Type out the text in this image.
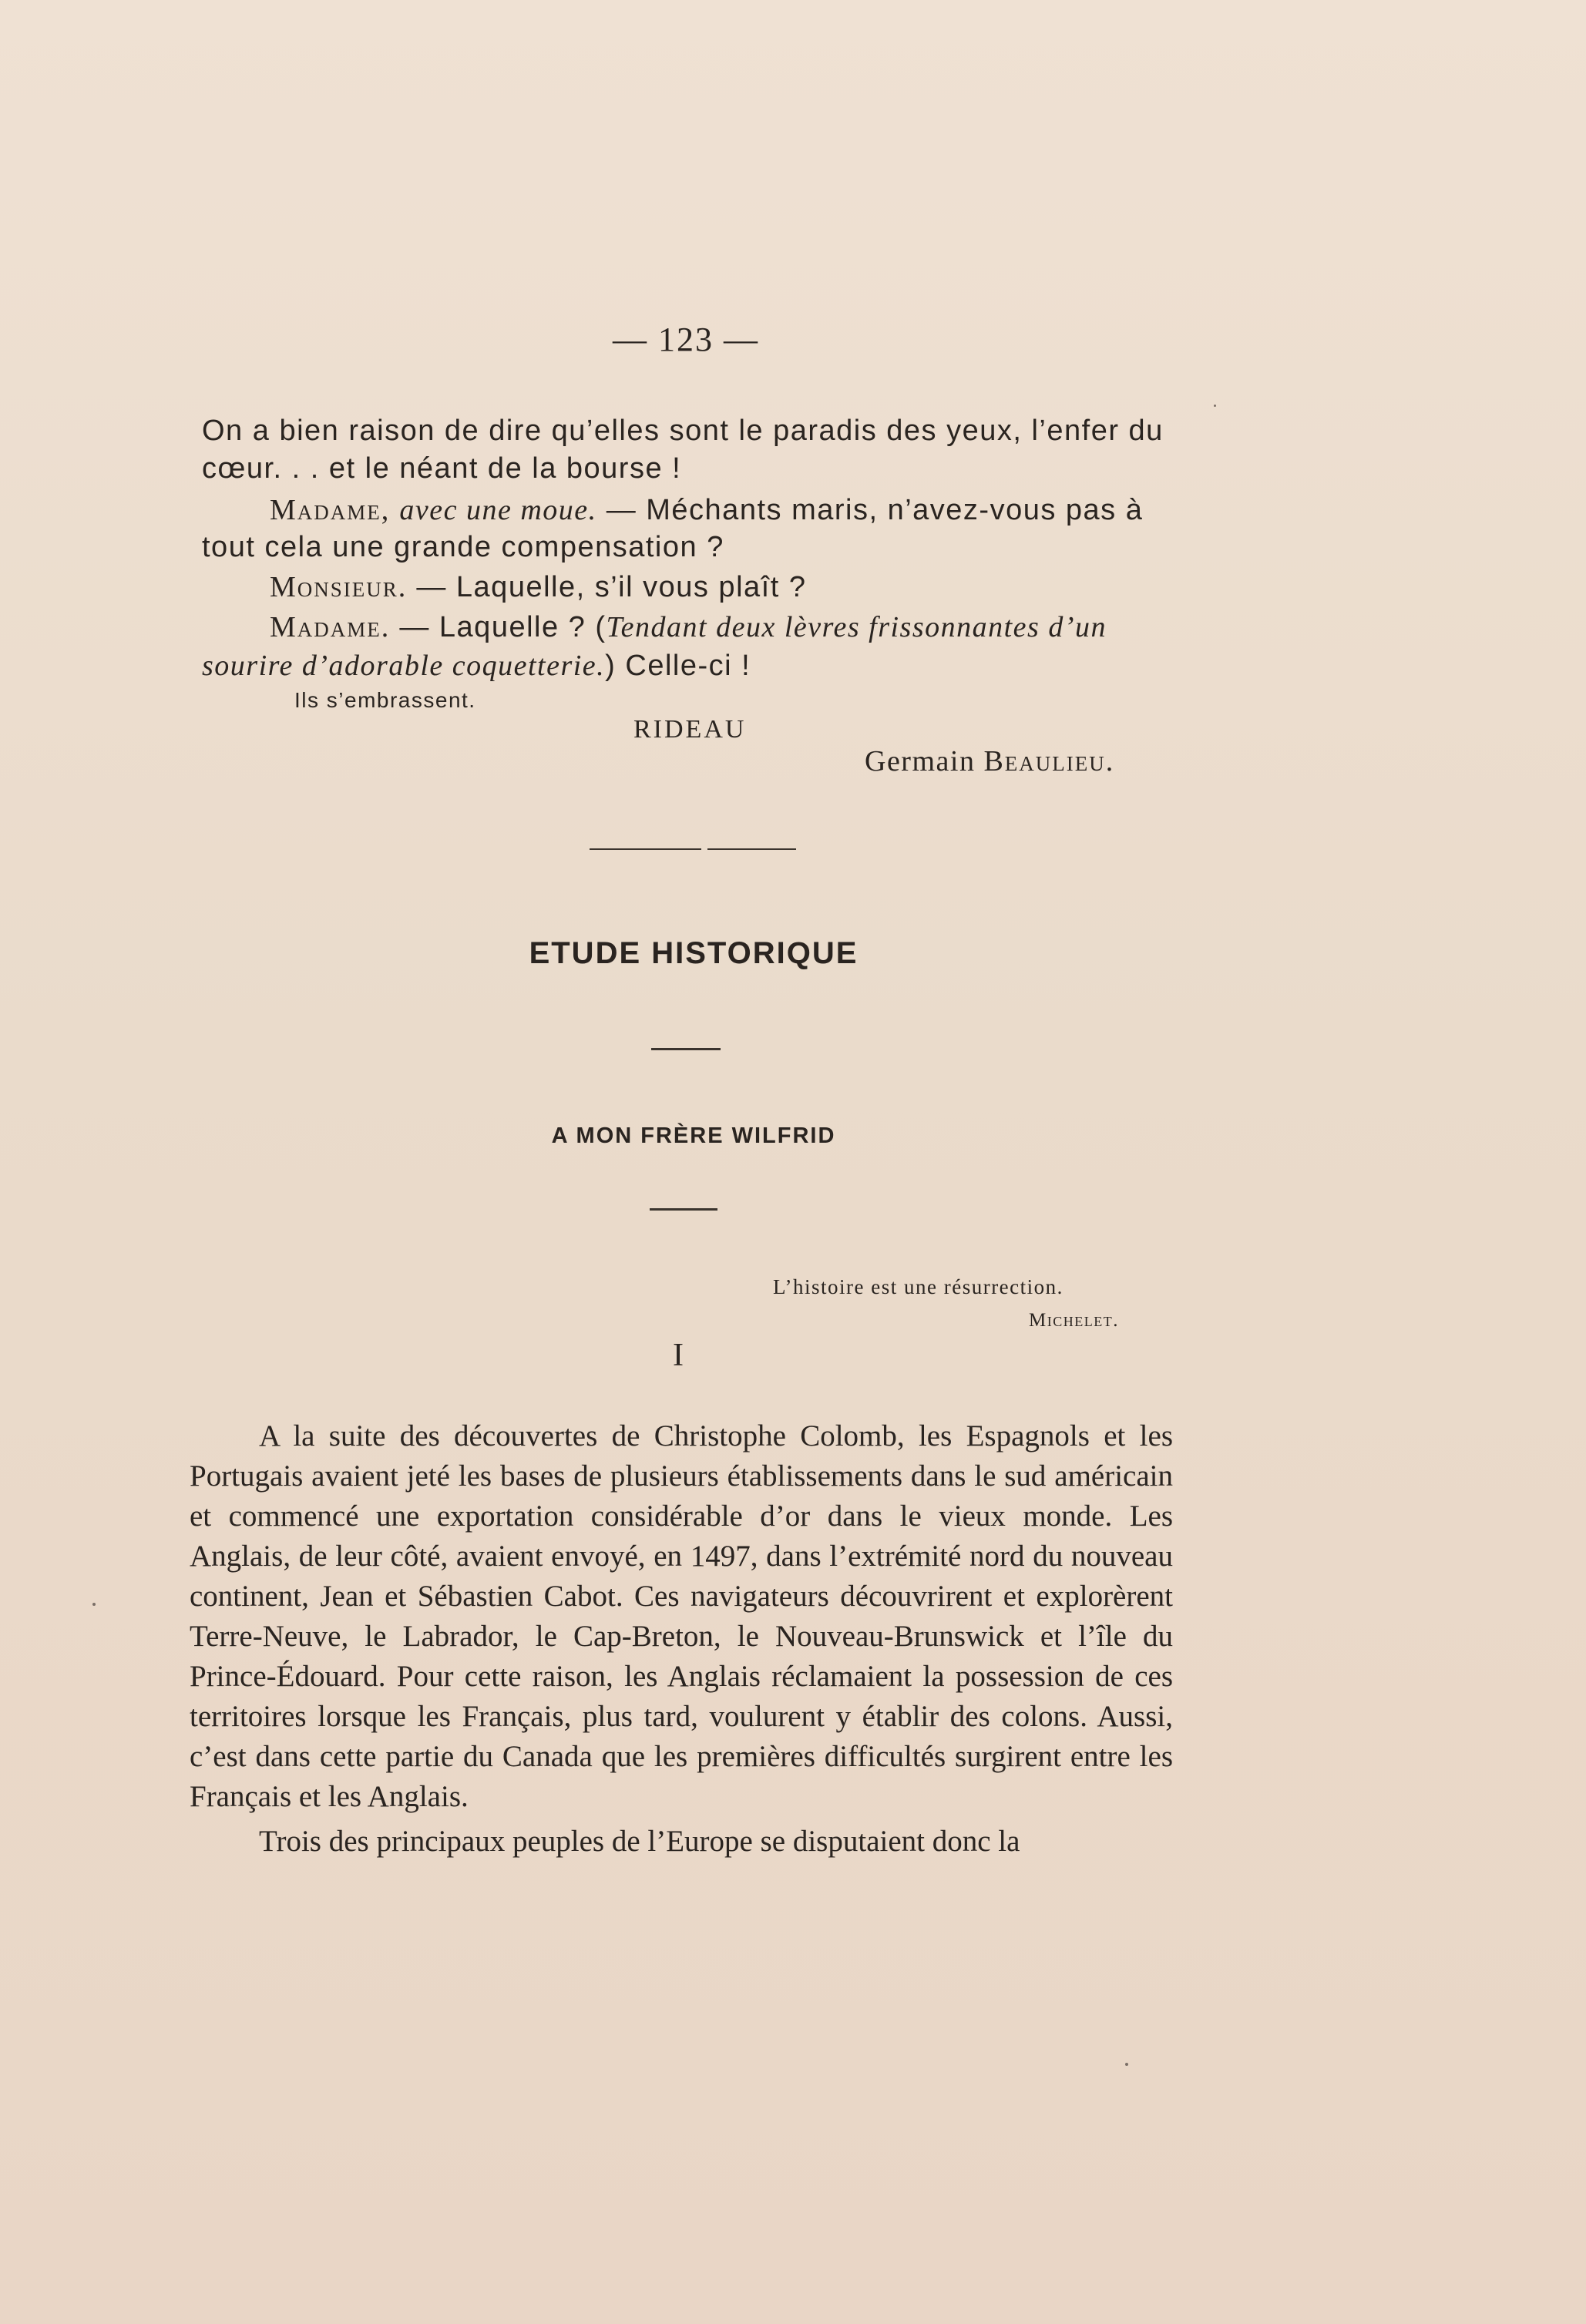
— 123 —
On a bien raison de dire qu’elles sont le paradis des yeux, l’enfer du
cœur. . . et le néant de la bourse !
Madame, avec une moue. — Méchants maris, n’avez-vous pas à
tout cela une grande compensation ?
Monsieur. — Laquelle, s’il vous plaît ?
Madame. — Laquelle ? (Tendant deux lèvres frissonnantes d’un
sourire d’adorable coquetterie.) Celle-ci !
Ils s’embrassent.
RIDEAU
Germain Beaulieu.
ETUDE HISTORIQUE
A MON FRÈRE WILFRID
L’histoire est une résurrection.
Michelet.
I

A la suite des découvertes de Christophe Colomb, les Espagnols et les Portugais avaient jeté les bases de plusieurs établissements dans le sud américain et commencé une exportation considérable d’or dans le vieux monde. Les Anglais, de leur côté, avaient envoyé, en 1497, dans l’extrémité nord du nouveau continent, Jean et Sébastien Cabot. Ces navigateurs découvrirent et explorèrent Terre-Neuve, le Labrador, le Cap-Breton, le Nouveau-Brunswick et l’île du Prince-Édouard. Pour cette raison, les Anglais réclamaient la possession de ces territoires lorsque les Français, plus tard, voulurent y établir des colons. Aussi, c’est dans cette partie du Canada que les premières difficultés surgirent entre les Français et les Anglais.

Trois des principaux peuples de l’Europe se disputaient donc la
